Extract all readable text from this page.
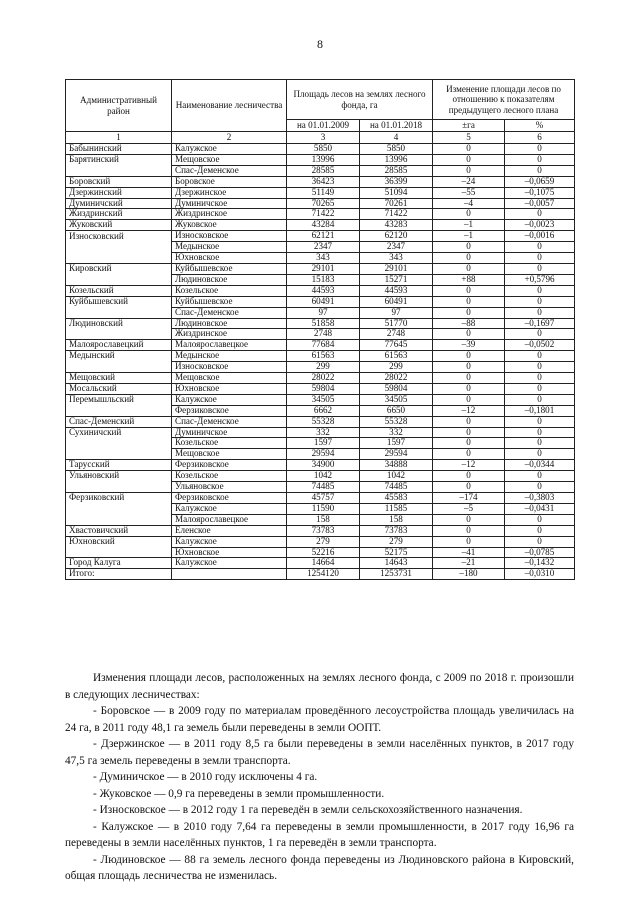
8
Административный район	Наименование лесничества	Площадь лесов на землях лесного фонда, га		Изменение площади лесов по отношению к показателям предыдущего лесного плана	
		на 01.01.2009	на 01.01.2018	±га	%
1	2	3	4	5	6
Бабынинский	Калужское	5850	5850	0	0
Барятинский	Мещовское	13996	13996	0	0
	Спас-Деменское	28585	28585	0	0
Боровский	Боровское	36423	36399	–24	–0,0659
Дзержинский	Дзержинское	51149	51094	–55	–0,1075
Думиничский	Думиничское	70265	70261	–4	–0,0057
Жиздринский	Жиздринское	71422	71422	0	0
Жуковский	Жуковское	43284	43283	–1	–0,0023
Износковский	Износковское	62121	62120	–1	–0,0016
	Медынское	2347	2347	0	0
	Юхновское	343	343	0	0
Кировский	Куйбышевское	29101	29101	0	0
	Людиновское	15183	15271	+88	+0,5796
Козельский	Козельское	44593	44593	0	0
Куйбышевский	Куйбышевское	60491	60491	0	0
	Спас-Деменское	97	97	0	0
Людиновский	Людиновское	51858	51770	–88	–0,1697
	Жиздринское	2748	2748	0	0
Малоярославецкий	Малоярославецкое	77684	77645	–39	–0,0502
Медынский	Медынское	61563	61563	0	0
	Износковское	299	299	0	0
Мещовский	Мещовское	28022	28022	0	0
Мосальский	Юхновское	59804	59804	0	0
Перемышльский	Калужское	34505	34505	0	0
	Ферзиковское	6662	6650	–12	–0,1801
Спас-Деменский	Спас-Деменское	55328	55328	0	0
Сухиничский	Думиничское	332	332	0	0
	Козельское	1597	1597	0	0
	Мещовское	29594	29594	0	0
Тарусский	Ферзиковское	34900	34888	–12	–0,0344
Ульяновский	Козельское	1042	1042	0	0
	Ульяновское	74485	74485	0	0
Ферзиковский	Ферзиковское	45757	45583	–174	–0,3803
	Калужское	11590	11585	–5	–0,0431
	Малоярославецкое	158	158	0	0
Хвастовичский	Еленское	73783	73783	0	0
Юхновский	Калужское	279	279	0	0
	Юхновское	52216	52175	–41	–0,0785
Город Калуга	Калужское	14664	14643	–21	–0,1432
Итого:		1254120	1253731	–180	–0,0310

Изменения площади лесов, расположенных на землях лесного фонда, с 2009 по 2018 г. произошли в следующих лесничествах:

- Боровское — в 2009 году по материалам проведённого лесоустройства площадь увеличилась на 24 га, в 2011 году 48,1 га земель были переведены в земли ООПТ.

- Дзержинское — в 2011 году 8,5 га были переведены в земли населённых пунктов, в 2017 году 47,5 га земель переведены в земли транспорта.

- Думиничское — в 2010 году исключены 4 га.

- Жуковское — 0,9 га переведены в земли промышленности.

- Износковское — в 2012 году 1 га переведён в земли сельскохозяйственного назначения.

- Калужское — в 2010 году 7,64 га переведены в земли промышленности, в 2017 году 16,96 га переведены в земли населённых пунктов, 1 га переведён в земли транспорта.

- Людиновское — 88 га земель лесного фонда переведены из Людиновского района в Кировский, общая площадь лесничества не изменилась.
